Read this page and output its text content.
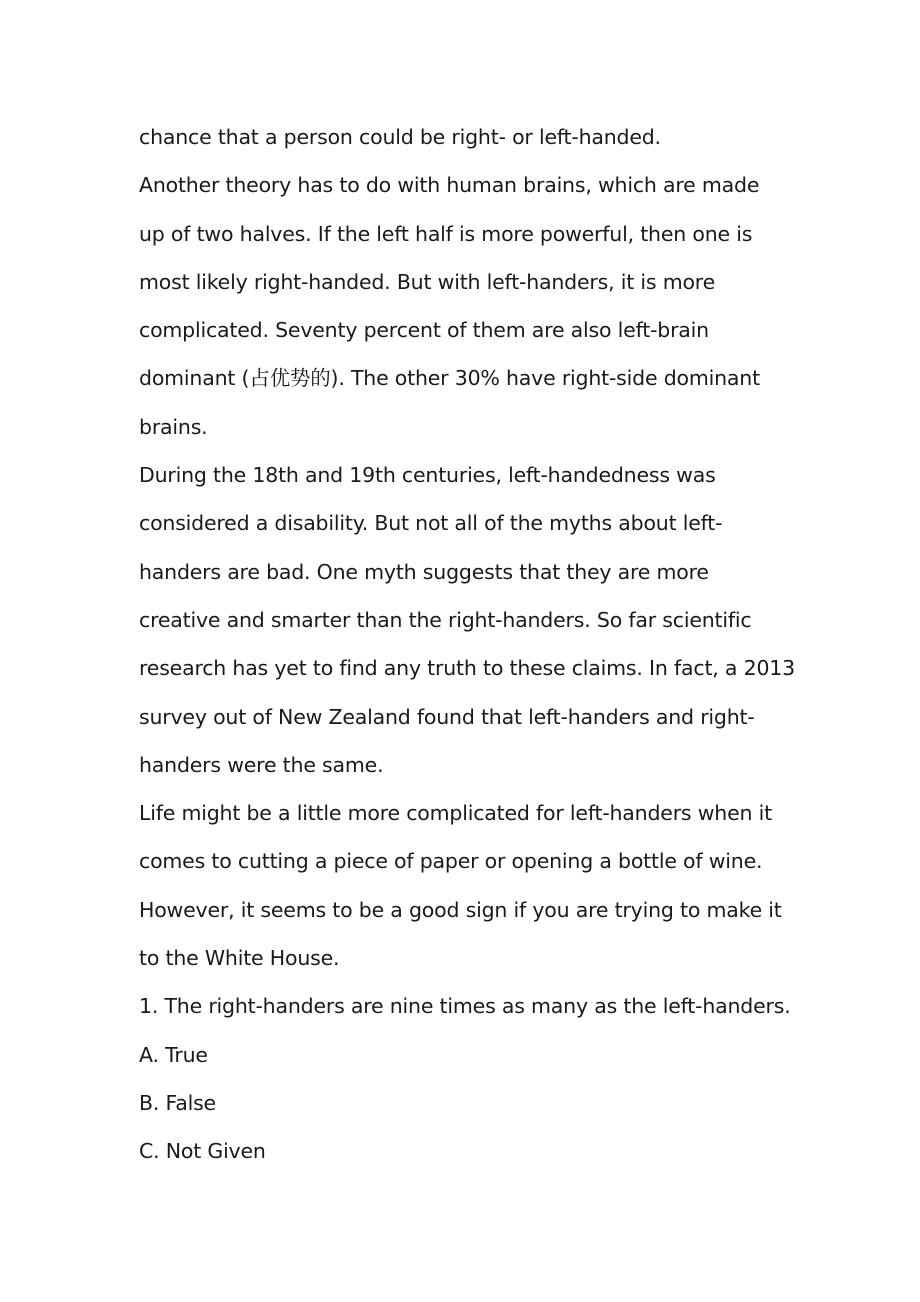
chance that a person could be right- or left-handed.
Another theory has to do with human brains, which are made
up of two halves. If the left half is more powerful, then one is
most likely right-handed. But with left-handers, it is more
complicated. Seventy percent of them are also left-brain
dominant (占优势的). The other 30% have right-side dominant
brains.
During the 18th and 19th centuries, left-handedness was
considered a disability. But not all of the myths about left-
handers are bad. One myth suggests that they are more
creative and smarter than the right-handers. So far scientific
research has yet to find any truth to these claims. In fact, a 2013
survey out of New Zealand found that left-handers and right-
handers were the same.
Life might be a little more complicated for left-handers when it
comes to cutting a piece of paper or opening a bottle of wine.
However, it seems to be a good sign if you are trying to make it
to the White House.
1. The right-handers are nine times as many as the left-handers.
A. True
B. False
C. Not Given
